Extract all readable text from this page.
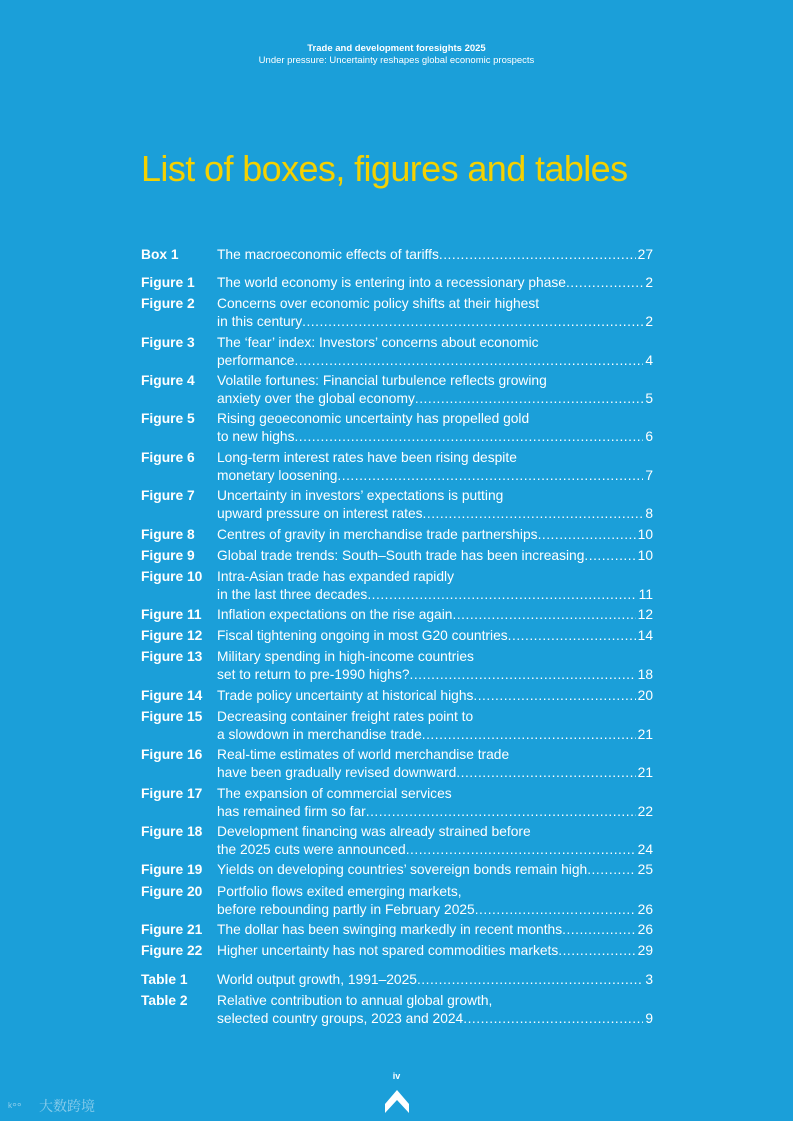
Trade and development foresights 2025
Under pressure: Uncertainty reshapes global economic prospects
List of boxes, figures and tables
Box 1	The macroeconomic effects of tariffs .....	27
Figure 1 The world economy is entering into a recessionary phase .....	2
Figure 2 Concerns over economic policy shifts at their highest
in this century .....	2
Figure 3 The ‘fear’ index: Investors’ concerns about economic
performance .....	4
Figure 4 Volatile fortunes: Financial turbulence reflects growing
anxiety over the global economy .....	5
Figure 5 Rising geoeconomic uncertainty has propelled gold
to new highs .....	6
Figure 6 Long-term interest rates have been rising despite
monetary loosening .....	7
Figure 7 Uncertainty in investors’ expectations is putting
upward pressure on interest rates .....	8
Figure 8 Centres of gravity in merchandise trade partnerships .....	10
Figure 9 Global trade trends: South–South trade has been increasing .....	10
Figure 10 Intra-Asian trade has expanded rapidly
in the last three decades .....	11
Figure 11 Inflation expectations on the rise again .....	12
Figure 12 Fiscal tightening ongoing in most G20 countries .....	14
Figure 13 Military spending in high-income countries
set to return to pre-1990 highs? .....	18
Figure 14 Trade policy uncertainty at historical highs .....	20
Figure 15 Decreasing container freight rates point to
a slowdown in merchandise trade .....	21
Figure 16 Real-time estimates of world merchandise trade
have been gradually revised downward .....	21
Figure 17 The expansion of commercial services
has remained firm so far .....	22
Figure 18 Development financing was already strained before
the 2025 cuts were announced .....	24
Figure 19 Yields on developing countries’ sovereign bonds remain high .....	25
Figure 20 Portfolio flows exited emerging markets,
before rebounding partly in February 2025 .....	26
Figure 21 The dollar has been swinging markedly in recent months .....	26
Figure 22 Higher uncertainty has not spared commodities markets .....	29
Table 1 World output growth, 1991–2025 .....	3
Table 2 Relative contribution to annual global growth,
selected country groups, 2023 and 2024 .....	9
iv
ᵏ°° 大数跨境
